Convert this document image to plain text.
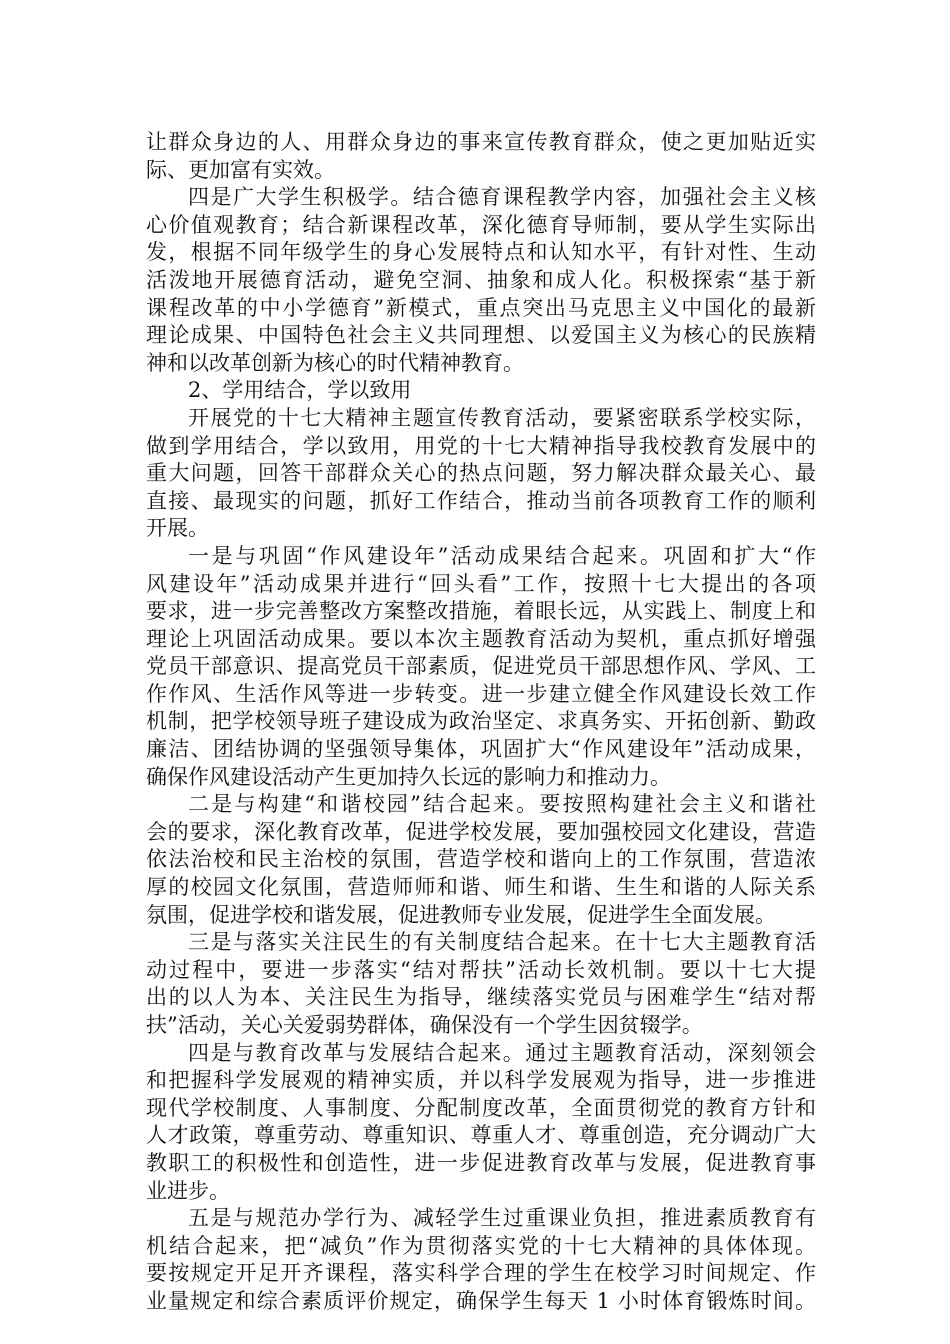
让群众身边的人、用群众身边的事来宣传教育群众，使之更加贴近实
际、更加富有实效。
四是广大学生积极学。结合德育课程教学内容，加强社会主义核
心价值观教育；结合新课程改革，深化德育导师制，要从学生实际出
发，根据不同年级学生的身心发展特点和认知水平，有针对性、生动
活泼地开展德育活动，避免空洞、抽象和成人化。积极探索“基于新
课程改革的中小学德育”新模式，重点突出马克思主义中国化的最新
理论成果、中国特色社会主义共同理想、以爱国主义为核心的民族精
神和以改革创新为核心的时代精神教育。
2、学用结合，学以致用
开展党的十七大精神主题宣传教育活动，要紧密联系学校实际，
做到学用结合，学以致用，用党的十七大精神指导我校教育发展中的
重大问题，回答干部群众关心的热点问题，努力解决群众最关心、最
直接、最现实的问题，抓好工作结合，推动当前各项教育工作的顺利
开展。
一是与巩固“作风建设年”活动成果结合起来。巩固和扩大“作
风建设年”活动成果并进行“回头看”工作，按照十七大提出的各项
要求，进一步完善整改方案整改措施，着眼长远，从实践上、制度上和
理论上巩固活动成果。要以本次主题教育活动为契机，重点抓好增强
党员干部意识、提高党员干部素质，促进党员干部思想作风、学风、工
作作风、生活作风等进一步转变。进一步建立健全作风建设长效工作
机制，把学校领导班子建设成为政治坚定、求真务实、开拓创新、勤政
廉洁、团结协调的坚强领导集体，巩固扩大“作风建设年”活动成果，
确保作风建设活动产生更加持久长远的影响力和推动力。
二是与构建“和谐校园”结合起来。要按照构建社会主义和谐社
会的要求，深化教育改革，促进学校发展，要加强校园文化建设，营造
依法治校和民主治校的氛围，营造学校和谐向上的工作氛围，营造浓
厚的校园文化氛围，营造师师和谐、师生和谐、生生和谐的人际关系
氛围，促进学校和谐发展，促进教师专业发展，促进学生全面发展。
三是与落实关注民生的有关制度结合起来。在十七大主题教育活
动过程中，要进一步落实“结对帮扶”活动长效机制。要以十七大提
出的以人为本、关注民生为指导，继续落实党员与困难学生“结对帮
扶”活动，关心关爱弱势群体，确保没有一个学生因贫辍学。
四是与教育改革与发展结合起来。通过主题教育活动，深刻领会
和把握科学发展观的精神实质，并以科学发展观为指导，进一步推进
现代学校制度、人事制度、分配制度改革，全面贯彻党的教育方针和
人才政策，尊重劳动、尊重知识、尊重人才、尊重创造，充分调动广大
教职工的积极性和创造性，进一步促进教育改革与发展，促进教育事
业进步。
五是与规范办学行为、减轻学生过重课业负担，推进素质教育有
机结合起来，把“减负”作为贯彻落实党的十七大精神的具体体现。
要按规定开足开齐课程，落实科学合理的学生在校学习时间规定、作
业量规定和综合素质评价规定，确保学生每天 1 小时体育锻炼时间。
